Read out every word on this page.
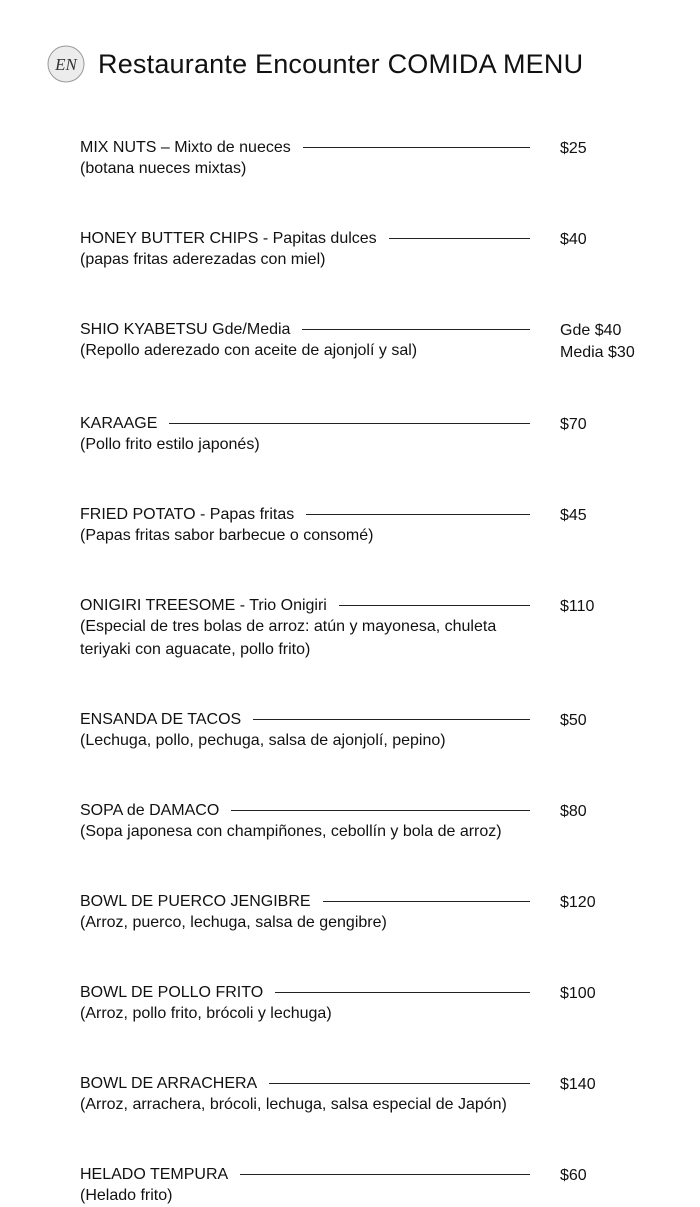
EN Restaurante Encounter COMIDA MENU
MIX NUTS – Mixto de nueces
(botana nueces mixtas)
$25
HONEY BUTTER CHIPS - Papitas dulces
(papas fritas aderezadas con miel)
$40
SHIO KYABETSU Gde/Media
(Repollo aderezado con aceite de ajonjolí y sal)
Gde $40
Media $30
KARAAGE
(Pollo frito estilo japonés)
$70
FRIED POTATO - Papas fritas
(Papas fritas sabor barbecue o consomé)
$45
ONIGIRI TREESOME - Trio Onigiri
(Especial de tres bolas de arroz: atún y mayonesa, chuleta teriyaki con aguacate, pollo frito)
$110
ENSANDA DE TACOS
(Lechuga, pollo, pechuga, salsa de ajonjolí, pepino)
$50
SOPA de DAMACO
(Sopa japonesa con champiñones, cebollín y bola de arroz)
$80
BOWL DE PUERCO JENGIBRE
(Arroz, puerco, lechuga, salsa de gengibre)
$120
BOWL DE POLLO FRITO
(Arroz, pollo frito, brócoli y lechuga)
$100
BOWL DE ARRACHERA
(Arroz, arrachera, brócoli, lechuga, salsa especial de Japón)
$140
HELADO TEMPURA
(Helado frito)
$60
